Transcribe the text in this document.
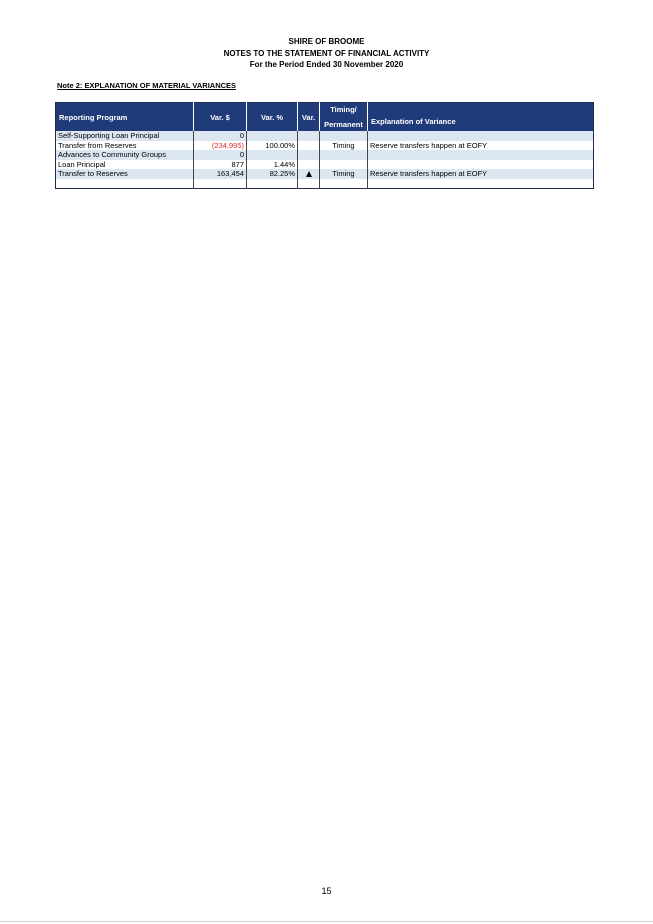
SHIRE OF BROOME
NOTES TO THE STATEMENT OF FINANCIAL ACTIVITY
For the Period Ended 30 November 2020
Note 2: EXPLANATION OF MATERIAL VARIANCES
Reporting Program	Var. $	Var. %	Var.	Timing/
Permanent	Explanation of Variance
Self-Supporting Loan Principal	0				
Transfer from Reserves	(234,995)	100.00%		Timing	Reserve transfers happen at EOFY
Advances to Community Groups	0				
Loan Principal	877	1.44%			
Transfer to Reserves	163,454	82.25%		Timing	Reserve transfers happen at EOFY

15
